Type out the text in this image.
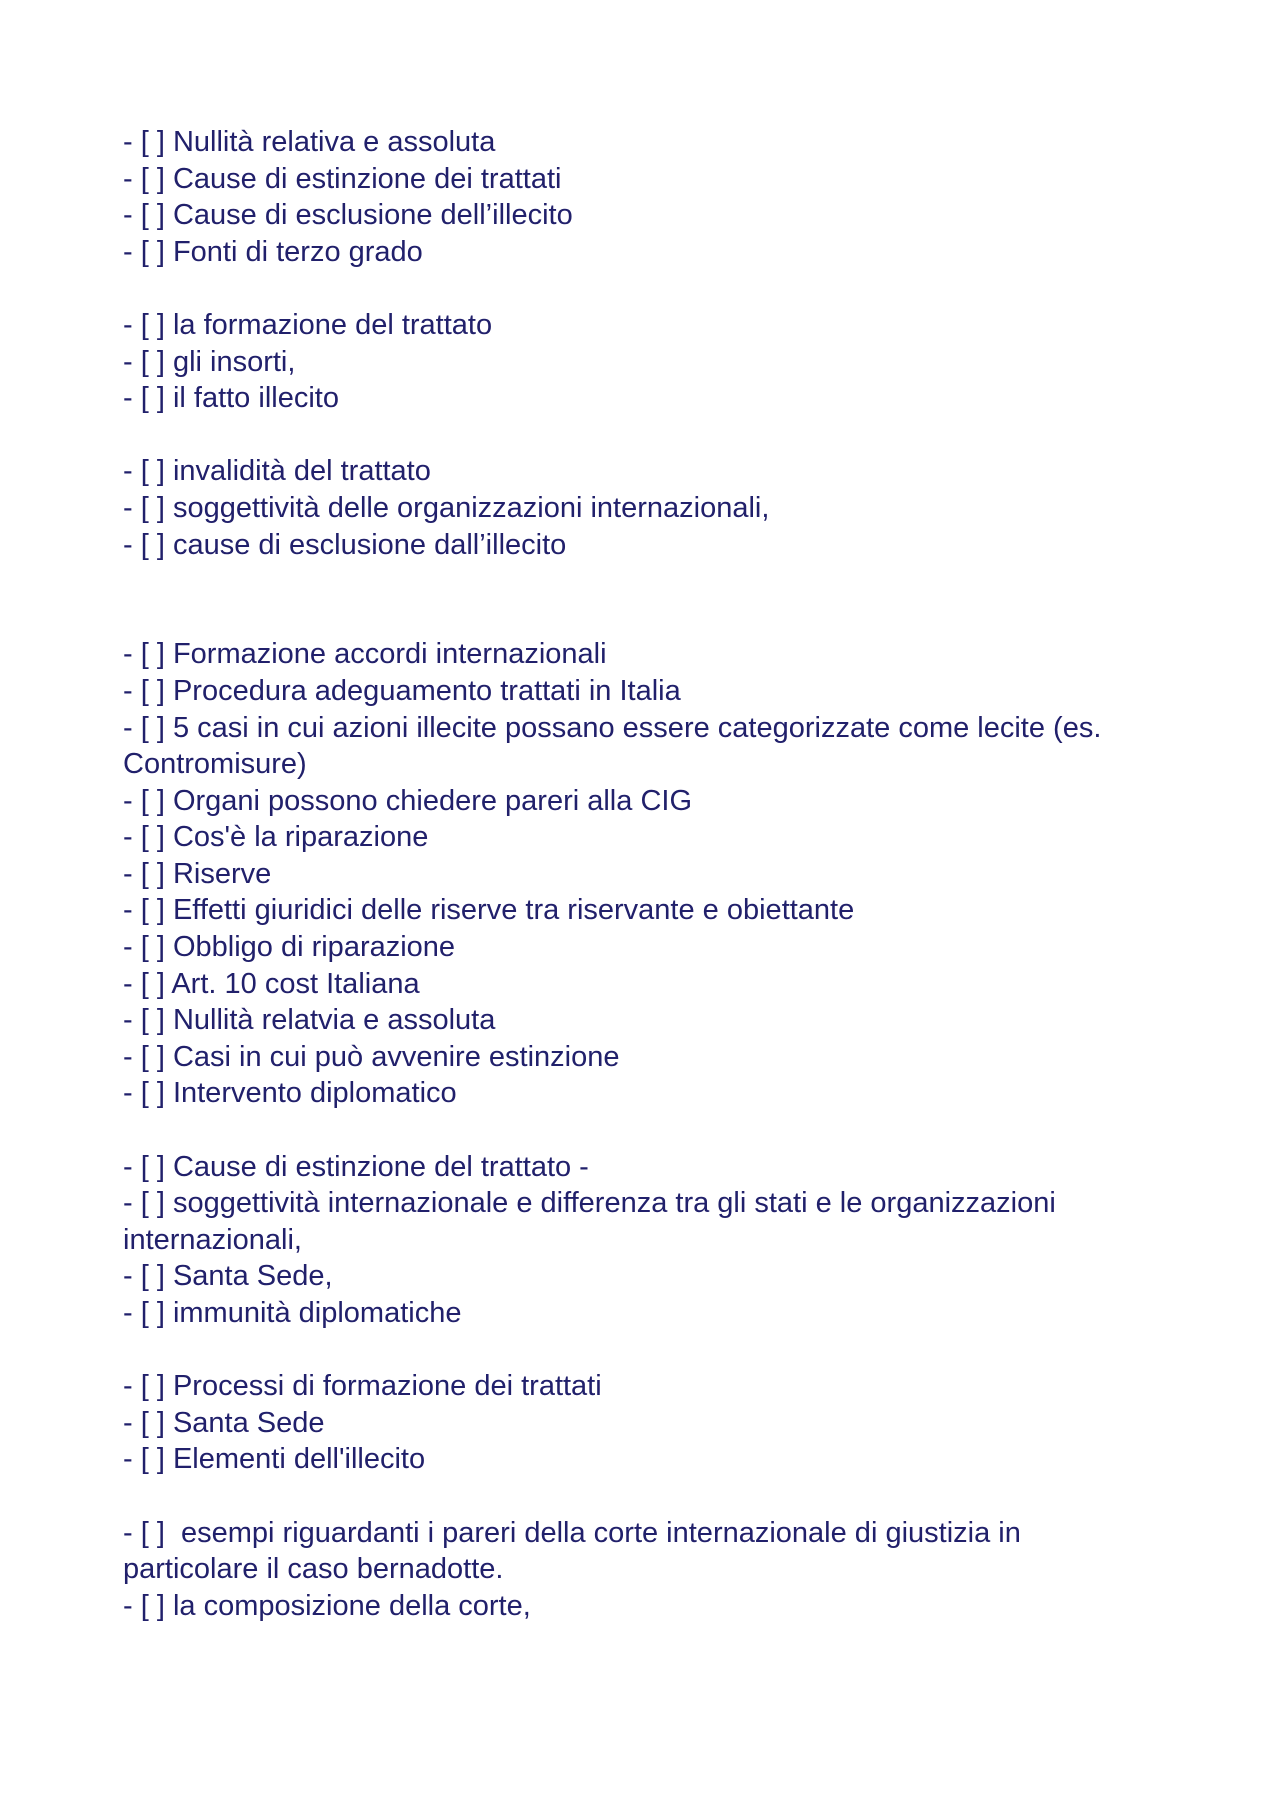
- [ ] Nullità relativa e assoluta
- [ ] Cause di estinzione dei trattati
- [ ] Cause di esclusione dell’illecito
- [ ] Fonti di terzo grado
- [ ] la formazione del trattato
- [ ] gli insorti,
- [ ] il fatto illecito
- [ ] invalidità del trattato
- [ ] soggettività delle organizzazioni internazionali,
- [ ] cause di esclusione dall’illecito
- [ ] Formazione accordi internazionali
- [ ] Procedura adeguamento trattati in Italia
- [ ] 5 casi in cui azioni illecite possano essere categorizzate come lecite (es. Contromisure)
- [ ] Organi possono chiedere pareri alla CIG
- [ ] Cos'è la riparazione
- [ ] Riserve
- [ ] Effetti giuridici delle riserve tra riservante e obiettante
- [ ] Obbligo di riparazione
- [ ] Art. 10 cost Italiana
- [ ] Nullità relatvia e assoluta
- [ ] Casi in cui può avvenire estinzione
- [ ] Intervento diplomatico
- [ ] Cause di estinzione del trattato -
- [ ] soggettività internazionale e differenza tra gli stati e le organizzazioni internazionali,
- [ ] Santa Sede,
- [ ] immunità diplomatiche
- [ ] Processi di formazione dei trattati
- [ ] Santa Sede
- [ ] Elementi dell'illecito
- [ ]  esempi riguardanti i pareri della corte internazionale di giustizia in particolare il caso bernadotte.
- [ ] la composizione della corte,
